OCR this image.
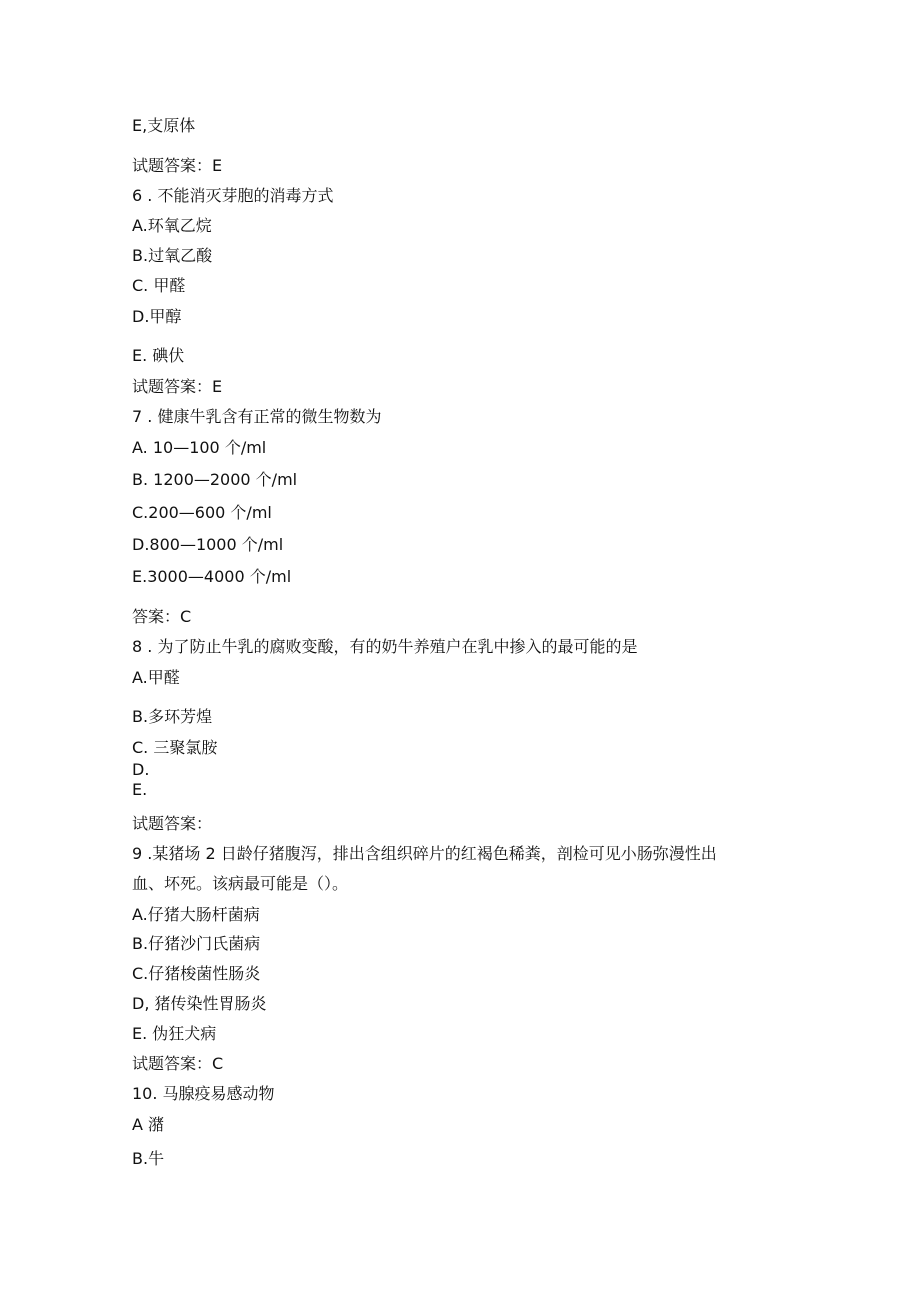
E,支原体
试题答案：E
6 . 不能消灭芽胞的消毒方式
A.环氧乙烷
B.过氧乙酸
C. 甲醛
D.甲醇
E. 碘伏
试题答案：E
7 . 健康牛乳含有正常的微生物数为
A. 10—100 个/ml
B. 1200—2000 个/ml
C.200—600 个/ml
D.800—1000 个/ml
E.3000—4000 个/ml
答案：C
8 . 为了防止牛乳的腐败变酸，有的奶牛养殖户在乳中掺入的最可能的是
A.甲醛
B.多环芳煌
C. 三聚氯胺
D.
E.
试题答案：
9 .某猪场 2 日龄仔猪腹泻，排出含组织碎片的红褐色稀粪，剖检可见小肠弥漫性出
血、坏死。该病最可能是（）。
A.仔猪大肠杆菌病
B.仔猪沙门氏菌病
C.仔猪梭菌性肠炎
D, 猪传染性胃肠炎
E. 伪狂犬病
试题答案：C
10. 马腺疫易感动物
A 潴
B.牛
